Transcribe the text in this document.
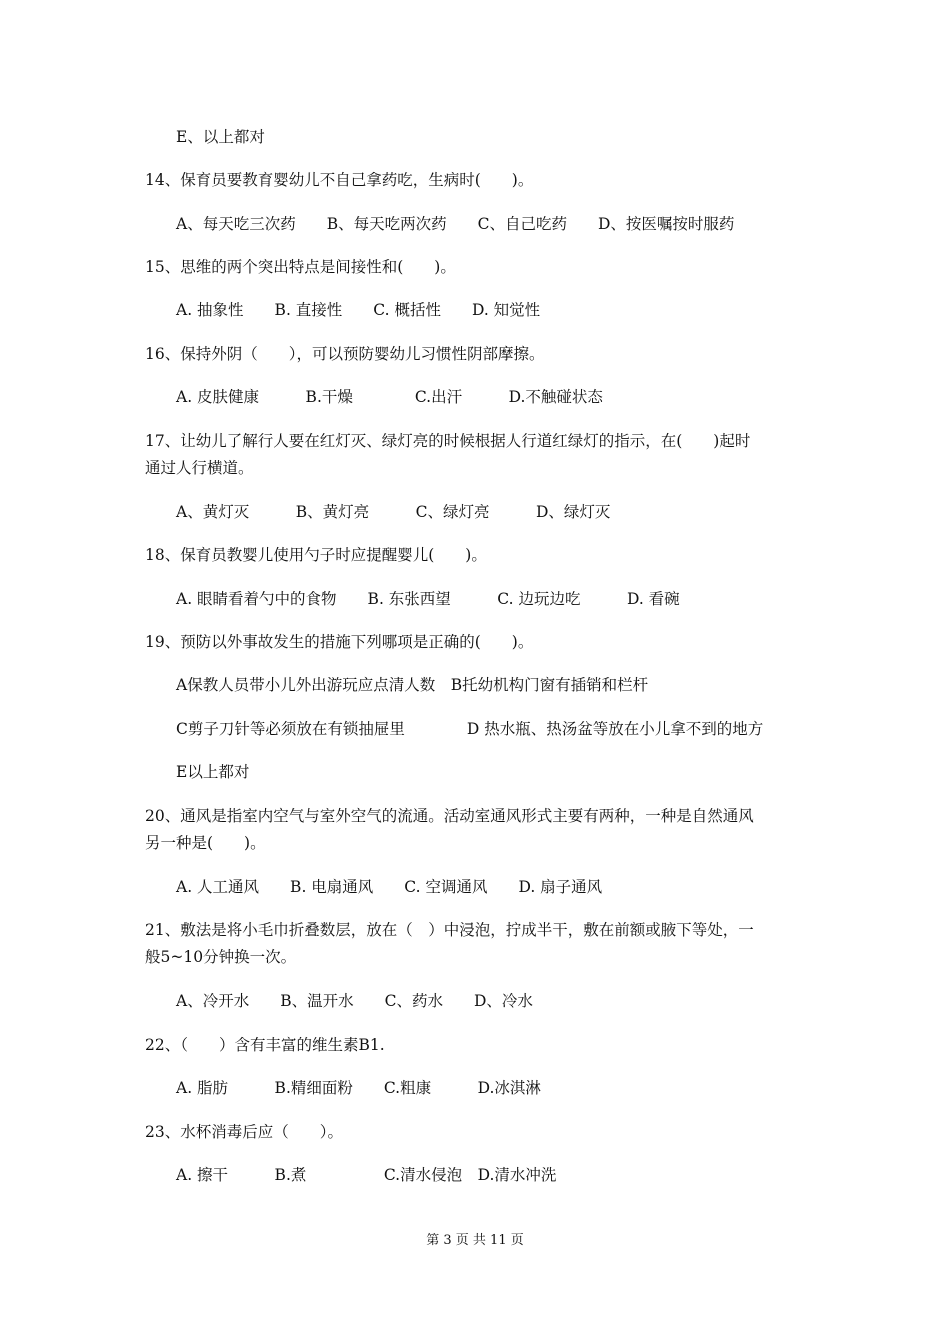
E、以上都对
14、保育员要教育婴幼儿不自己拿药吃，生病时(　　)。
A、每天吃三次药　　B、每天吃两次药　　C、自己吃药　　D、按医嘱按时服药
15、思维的两个突出特点是间接性和(　　)。
A. 抽象性　　B. 直接性　　C. 概括性　　D. 知觉性
16、保持外阴（　　），可以预防婴幼儿习惯性阴部摩擦。
A. 皮肤健康　　　B.干燥　　　　C.出汗　　　D.不触碰状态
17、让幼儿了解行人要在红灯灭、绿灯亮的时候根据人行道红绿灯的指示，在(　　)起时
通过人行横道。
A、黄灯灭　　　B、黄灯亮　　　C、绿灯亮　　　D、绿灯灭
18、保育员教婴儿使用勺子时应提醒婴儿(　　)。
A. 眼睛看着勺中的食物　　B. 东张西望　　　C. 边玩边吃　　　D. 看碗
19、预防以外事故发生的措施下列哪项是正确的(　　)。
A保教人员带小儿外出游玩应点清人数　B托幼机构门窗有插销和栏杆
C剪子刀针等必须放在有锁抽屉里　　　　D 热水瓶、热汤盆等放在小儿拿不到的地方
E以上都对
20、通风是指室内空气与室外空气的流通。活动室通风形式主要有两种，一种是自然通风
另一种是(　　)。
A. 人工通风　　B. 电扇通风　　C. 空调通风　　D. 扇子通风
21、敷法是将小毛巾折叠数层，放在（　）中浸泡，拧成半干，敷在前额或腋下等处，一
般5~10分钟换一次。
A、冷开水　　B、温开水　　C、药水　　D、冷水
22、（　　）含有丰富的维生素B1.
A. 脂肪　　　B.精细面粉　　C.粗康　　　D.冰淇淋
23、水杯消毒后应（　　）。
A. 擦干　　　B.煮　　　　　C.清水侵泡　D.清水冲洗
第 3 页 共 11 页
